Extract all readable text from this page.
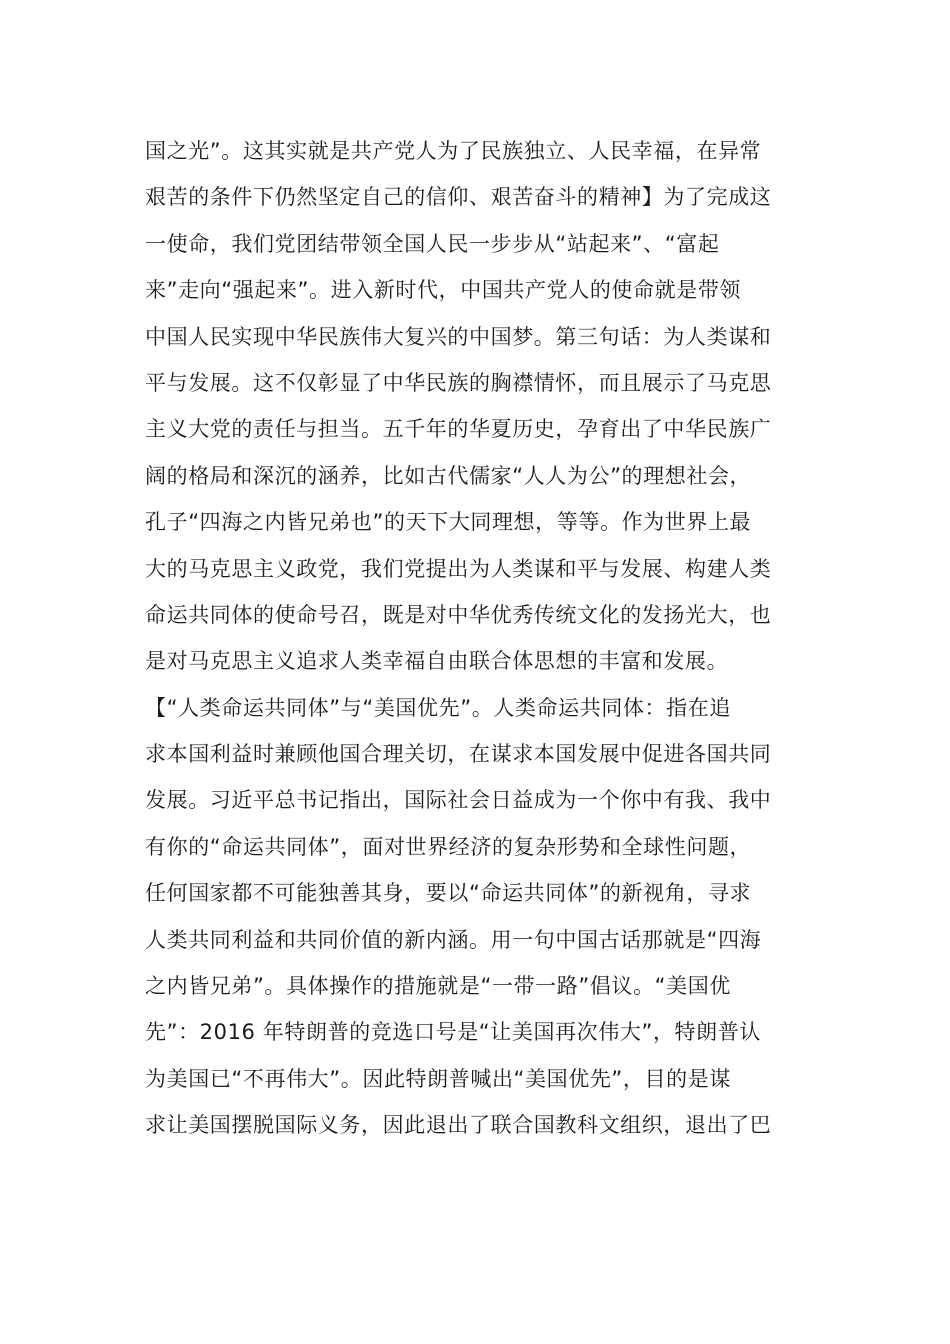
国之光”。这其实就是共产党人为了民族独立、人民幸福，在异常
艰苦的条件下仍然坚定自己的信仰、艰苦奋斗的精神】为了完成这
一使命，我们党团结带领全国人民一步步从“站起来”、“富起
来”走向“强起来”。进入新时代，中国共产党人的使命就是带领
中国人民实现中华民族伟大复兴的中国梦。第三句话：为人类谋和
平与发展。这不仅彰显了中华民族的胸襟情怀，而且展示了马克思
主义大党的责任与担当。五千年的华夏历史，孕育出了中华民族广
阔的格局和深沉的涵养，比如古代儒家“人人为公”的理想社会，
孔子“四海之内皆兄弟也”的天下大同理想，等等。作为世界上最
大的马克思主义政党，我们党提出为人类谋和平与发展、构建人类
命运共同体的使命号召，既是对中华优秀传统文化的发扬光大，也
是对马克思主义追求人类幸福自由联合体思想的丰富和发展。
【“人类命运共同体”与“美国优先”。人类命运共同体：指在追
求本国利益时兼顾他国合理关切，在谋求本国发展中促进各国共同
发展。习近平总书记指出，国际社会日益成为一个你中有我、我中
有你的“命运共同体”，面对世界经济的复杂形势和全球性问题，
任何国家都不可能独善其身，要以“命运共同体”的新视角，寻求
人类共同利益和共同价值的新内涵。用一句中国古话那就是“四海
之内皆兄弟”。具体操作的措施就是“一带一路”倡议。“美国优
先”：2016 年特朗普的竞选口号是“让美国再次伟大”，特朗普认
为美国已“不再伟大”。因此特朗普喊出“美国优先”，目的是谋
求让美国摆脱国际义务，因此退出了联合国教科文组织，退出了巴
